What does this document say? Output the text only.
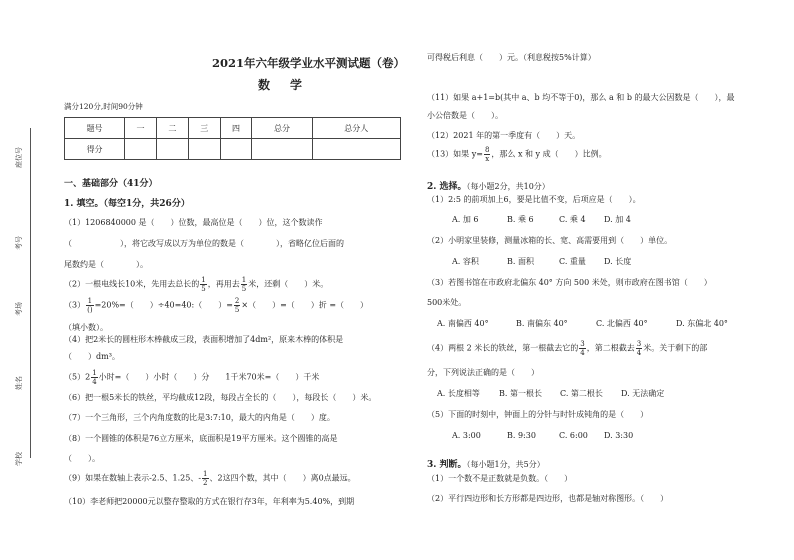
座位号
考号
考场
姓名
学校
2021年六年级学业水平测试题（卷）
数学
满分120分,时间90分钟
题号	一	二	三	四	总分	总分人
得分						
一、基础部分（41分）
1. 填空。（每空1分，共26分）
（1）1206840000 是（　　）位数，最高位是（　　）位，这个数读作
（　　　　　　），将它改写成以万为单位的数是（　　　　），省略亿位后面的
尾数约是（　　　　）。
（2）一根电线长10米，先用去总长的 $\frac{1}{5}$ ，再用去 $\frac{1}{5}$ 米，还剩（　　）米。
$(3) \frac{1}{()} =20\%=$（　　）÷40=40:（　　）= $\frac{2}{5}$ ×（　　）=（　　）折 =（　　）
（填小数）。
（4）把2米长的圆柱形木棒截成三段，表面积增加了4dm²，原来木棒的体积是
（　　）dm³。
$(5)2 \frac{1}{4}$ 小时=（　　）小时（　　）分　　1千米70米=（　　）千米
（6）把一根5米长的铁丝，平均截成12段，每段占全长的（　　），每段长（　　）米。
（7）一个三角形，三个内角度数的比是3:7:10，最大的内角是（　　）度。
（8）一个圆锥的体积是76立方厘米，底面积是19平方厘米。这个圆锥的高是
（　　）。
（9）如果在数轴上表示-2.5、1.25、- $\frac{1}{2}$ 、2这四个数，其中（　　）离0点最远。
（10）李老师把20000元以整存整取的方式在银行存3年，年利率为5.40%，到期
可得税后利息（　　）元。（利息税按5%计算）
（11）如果 a+1=b(其中 a、b 均不等于0)，那么 a 和 b 的最大公因数是（　　），最
小公倍数是（　　）。
（12）2021 年的第一季度有（　　）天。
（13）如果 $y= \frac{8}{x}$ ，那么 x 和 y 成（　　）比例。
2. 选择。（每小题2分，共10分）
（1）2:5 的前项加上6，要是比值不变，后项应是（　　）。
A. 加 6	B. 乘 6	C. 乘 4 D. 加 4
（2）小明家里装修，测量冰箱的长、宽、高需要用到（　　）单位。
A. 容积	B. 面积	C. 重量 D. 长度
（3）若图书馆在市政府北偏东 40° 方向 500 米处，则市政府在图书馆（　　）
500米处。
A. 南偏西 40°	B. 南偏东 40°	C. 北偏西 40°	D. 东偏北 40°
（4）两根 2 米长的铁丝，第一根截去它的 $\frac{3}{4}$ ，第二根截去 $\frac{3}{4}$ 米。关于剩下的部
分，下列说法正确的是（　　）
A. 长度相等 B. 第一根长 C. 第二根长 D. 无法确定
（5）下面的时刻中，钟面上的分针与时针成钝角的是（　　）
A. 3:00	B. 9:30	C. 6:00 D. 3:30
3. 判断。（每小题1分，共5分）
（1）一个数不是正数就是负数。（　　）
（2）平行四边形和长方形都是四边形，也都是轴对称图形。（　　）
